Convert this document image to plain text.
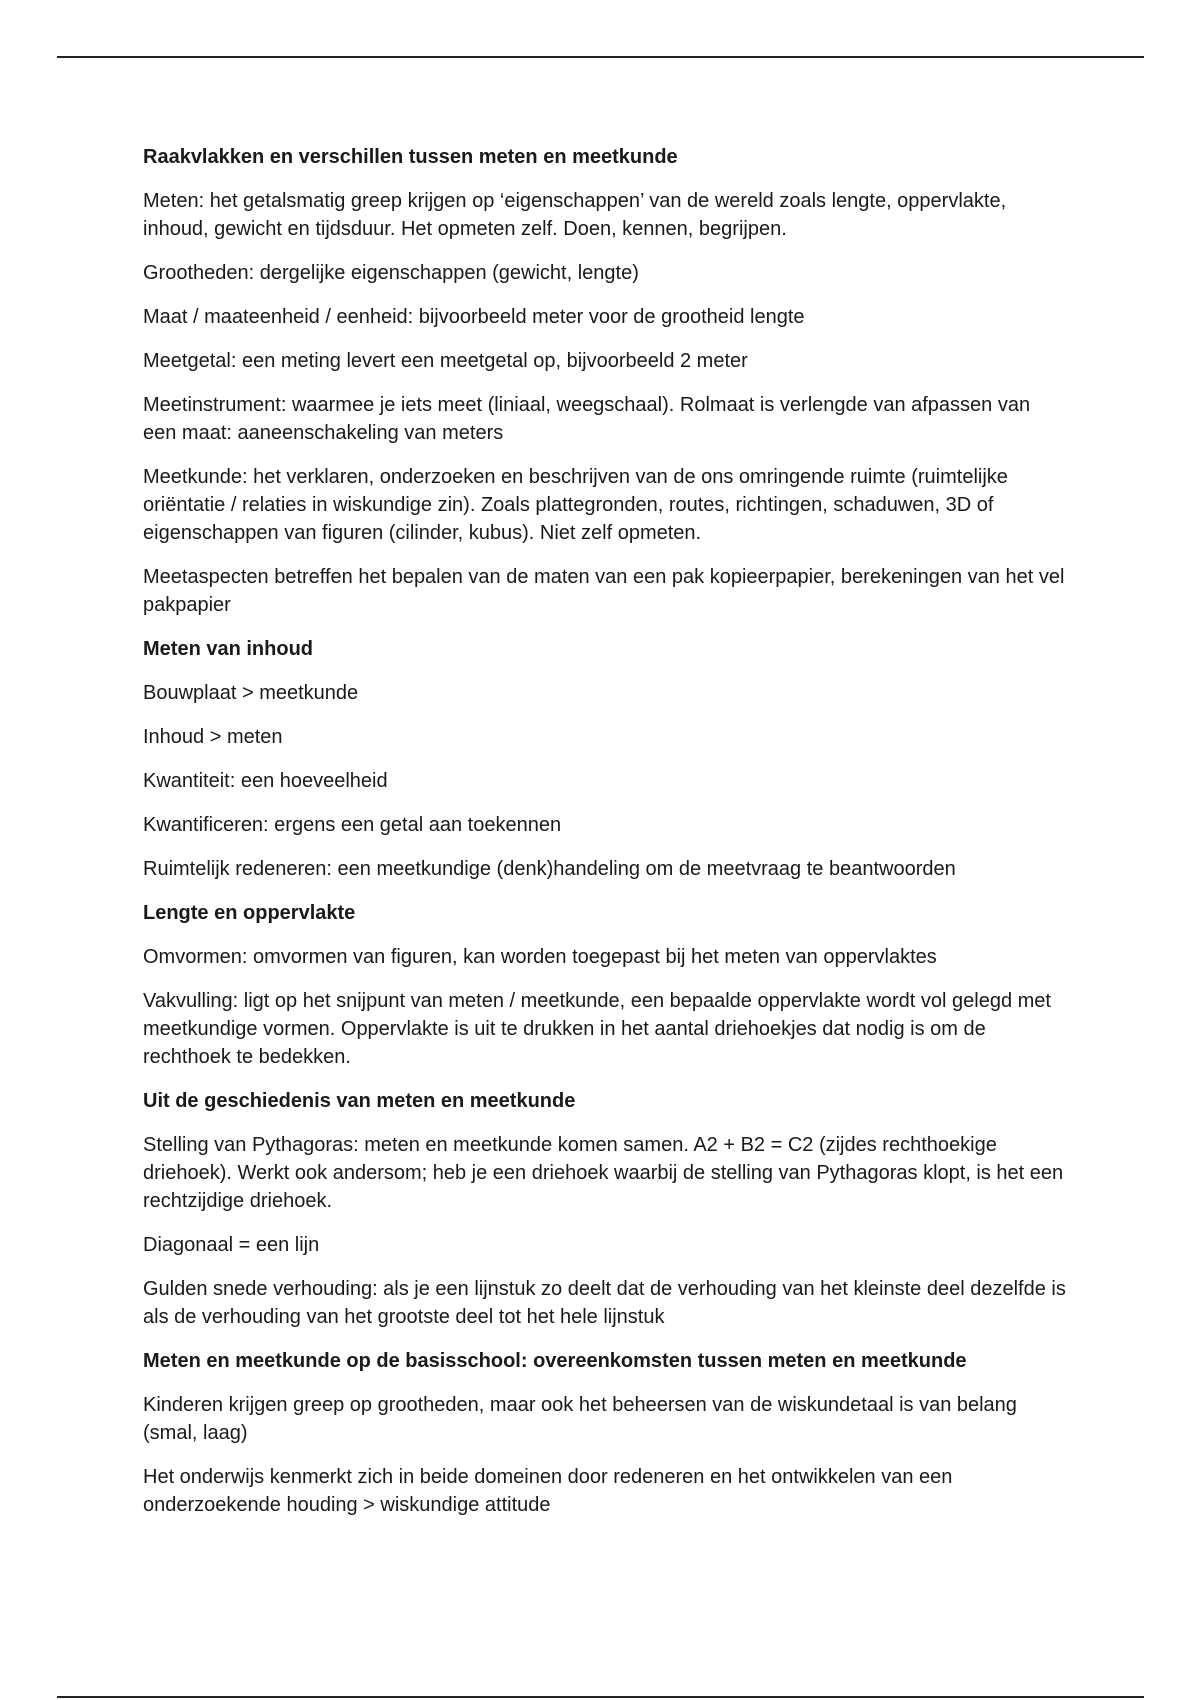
Raakvlakken en verschillen tussen meten en meetkunde
Meten: het getalsmatig greep krijgen op ‘eigenschappen’ van de wereld zoals lengte, oppervlakte, inhoud, gewicht en tijdsduur. Het opmeten zelf. Doen, kennen, begrijpen.
Grootheden: dergelijke eigenschappen (gewicht, lengte)
Maat / maateenheid / eenheid: bijvoorbeeld meter voor de grootheid lengte
Meetgetal: een meting levert een meetgetal op, bijvoorbeeld 2 meter
Meetinstrument: waarmee je iets meet (liniaal, weegschaal). Rolmaat is verlengde van afpassen van een maat: aaneenschakeling van meters
Meetkunde: het verklaren, onderzoeken en beschrijven van de ons omringende ruimte (ruimtelijke oriëntatie / relaties in wiskundige zin). Zoals plattegronden, routes, richtingen, schaduwen, 3D of eigenschappen van figuren (cilinder, kubus). Niet zelf opmeten.
Meetaspecten betreffen het bepalen van de maten van een pak kopieerpapier, berekeningen van het vel pakpapier
Meten van inhoud
Bouwplaat > meetkunde
Inhoud > meten
Kwantiteit: een hoeveelheid
Kwantificeren: ergens een getal aan toekennen
Ruimtelijk redeneren: een meetkundige (denk)handeling om de meetvraag te beantwoorden
Lengte en oppervlakte
Omvormen: omvormen van figuren, kan worden toegepast bij het meten van oppervlaktes
Vakvulling: ligt op het snijpunt van meten / meetkunde, een bepaalde oppervlakte wordt vol gelegd met meetkundige vormen. Oppervlakte is uit te drukken in het aantal driehoekjes dat nodig is om de rechthoek te bedekken.
Uit de geschiedenis van meten en meetkunde
Stelling van Pythagoras: meten en meetkunde komen samen. A2 + B2 = C2 (zijdes rechthoekige driehoek). Werkt ook andersom; heb je een driehoek waarbij de stelling van Pythagoras klopt, is het een rechtzijdige driehoek.
Diagonaal = een lijn
Gulden snede verhouding: als je een lijnstuk zo deelt dat de verhouding van het kleinste deel dezelfde is als de verhouding van het grootste deel tot het hele lijnstuk
Meten en meetkunde op de basisschool: overeenkomsten tussen meten en meetkunde
Kinderen krijgen greep op grootheden, maar ook het beheersen van de wiskundetaal is van belang (smal, laag)
Het onderwijs kenmerkt zich in beide domeinen door redeneren en het ontwikkelen van een onderzoekende houding > wiskundige attitude
